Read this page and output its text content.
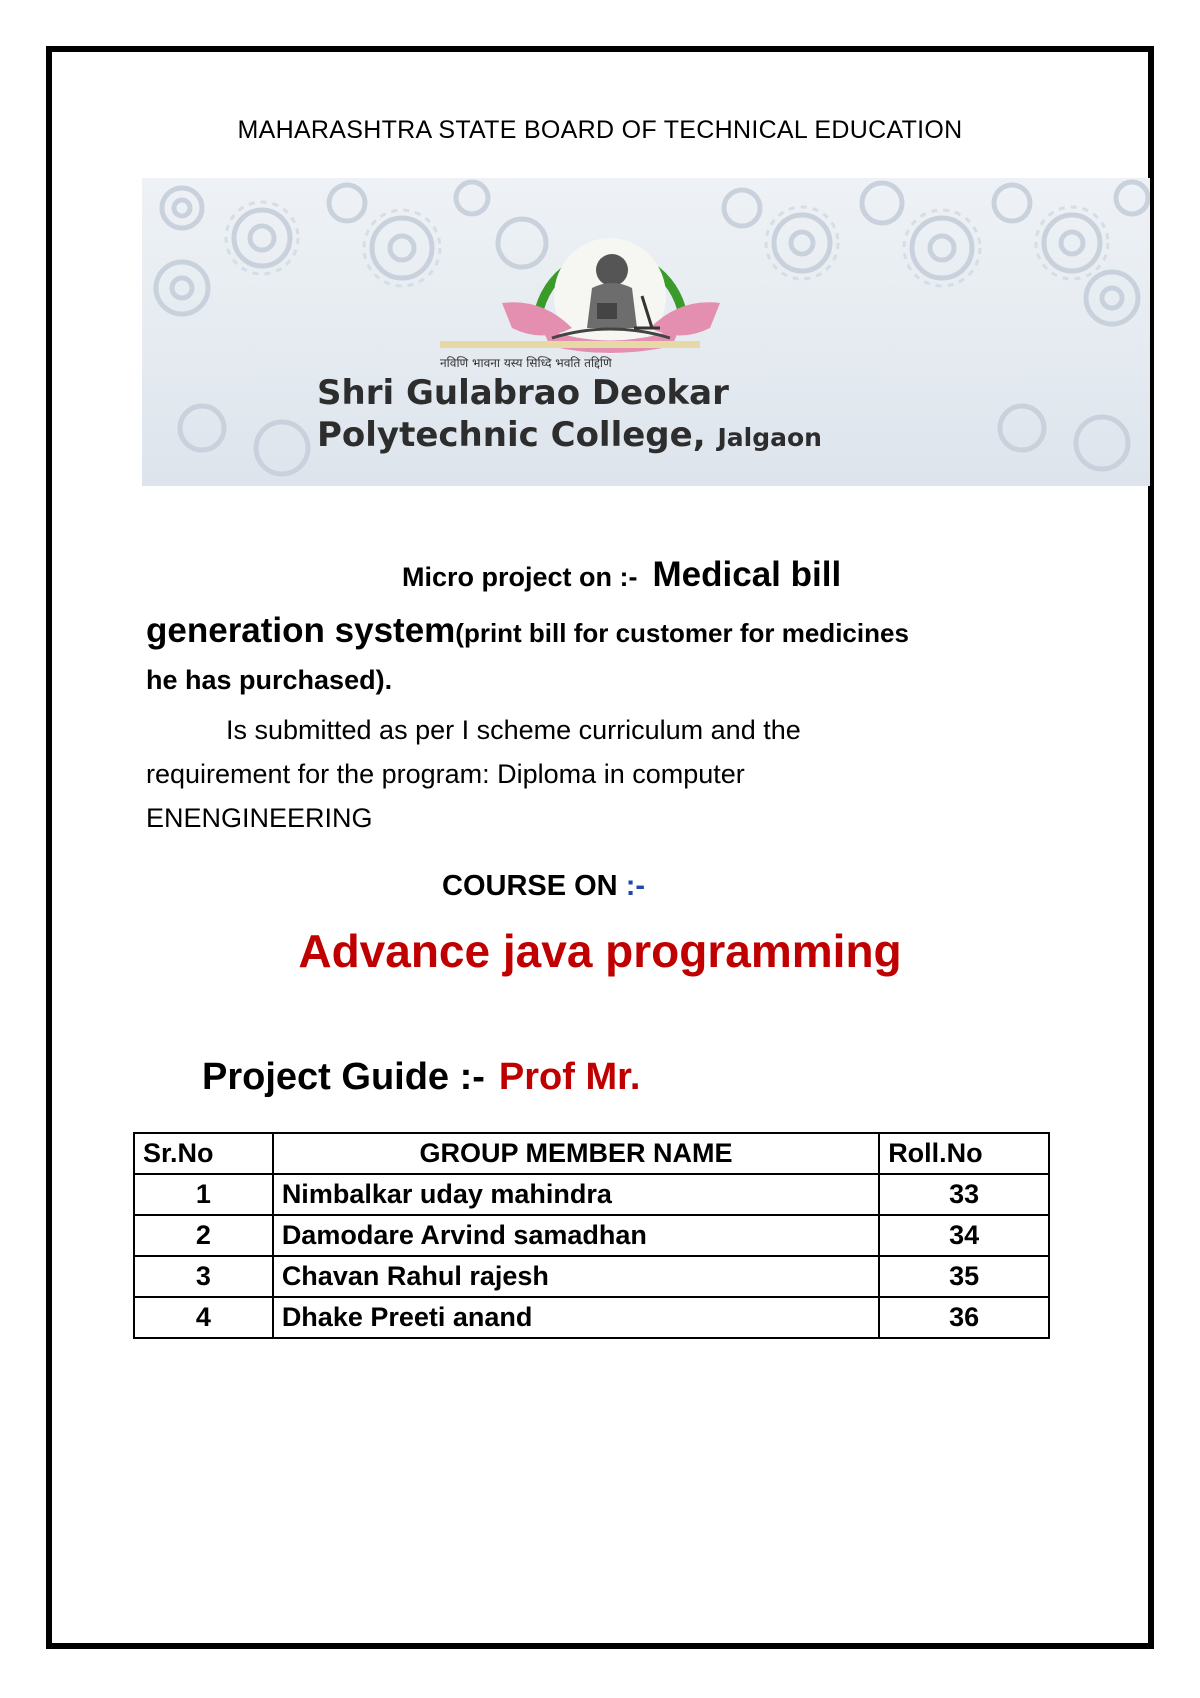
MAHARASHTRA STATE BOARD OF TECHNICAL EDUCATION
नविणि भावना यस्य सिध्दि भवति तद्दिणि
Shri Gulabrao Deokar
Polytechnic College, Jalgaon
Micro project on :- Medical bill
generation system(print bill for customer for medicines
he has purchased).
Is submitted as per I scheme curriculum and the
requirement for the program: Diploma in computer
ENENGINEERING
COURSE ON :-
Advance java programming
Project Guide :- Prof Mr.
Sr.No	GROUP MEMBER NAME	Roll.No
1	Nimbalkar uday mahindra	33
2	Damodare Arvind samadhan	34
3	Chavan Rahul rajesh	35
4	Dhake Preeti anand	36
